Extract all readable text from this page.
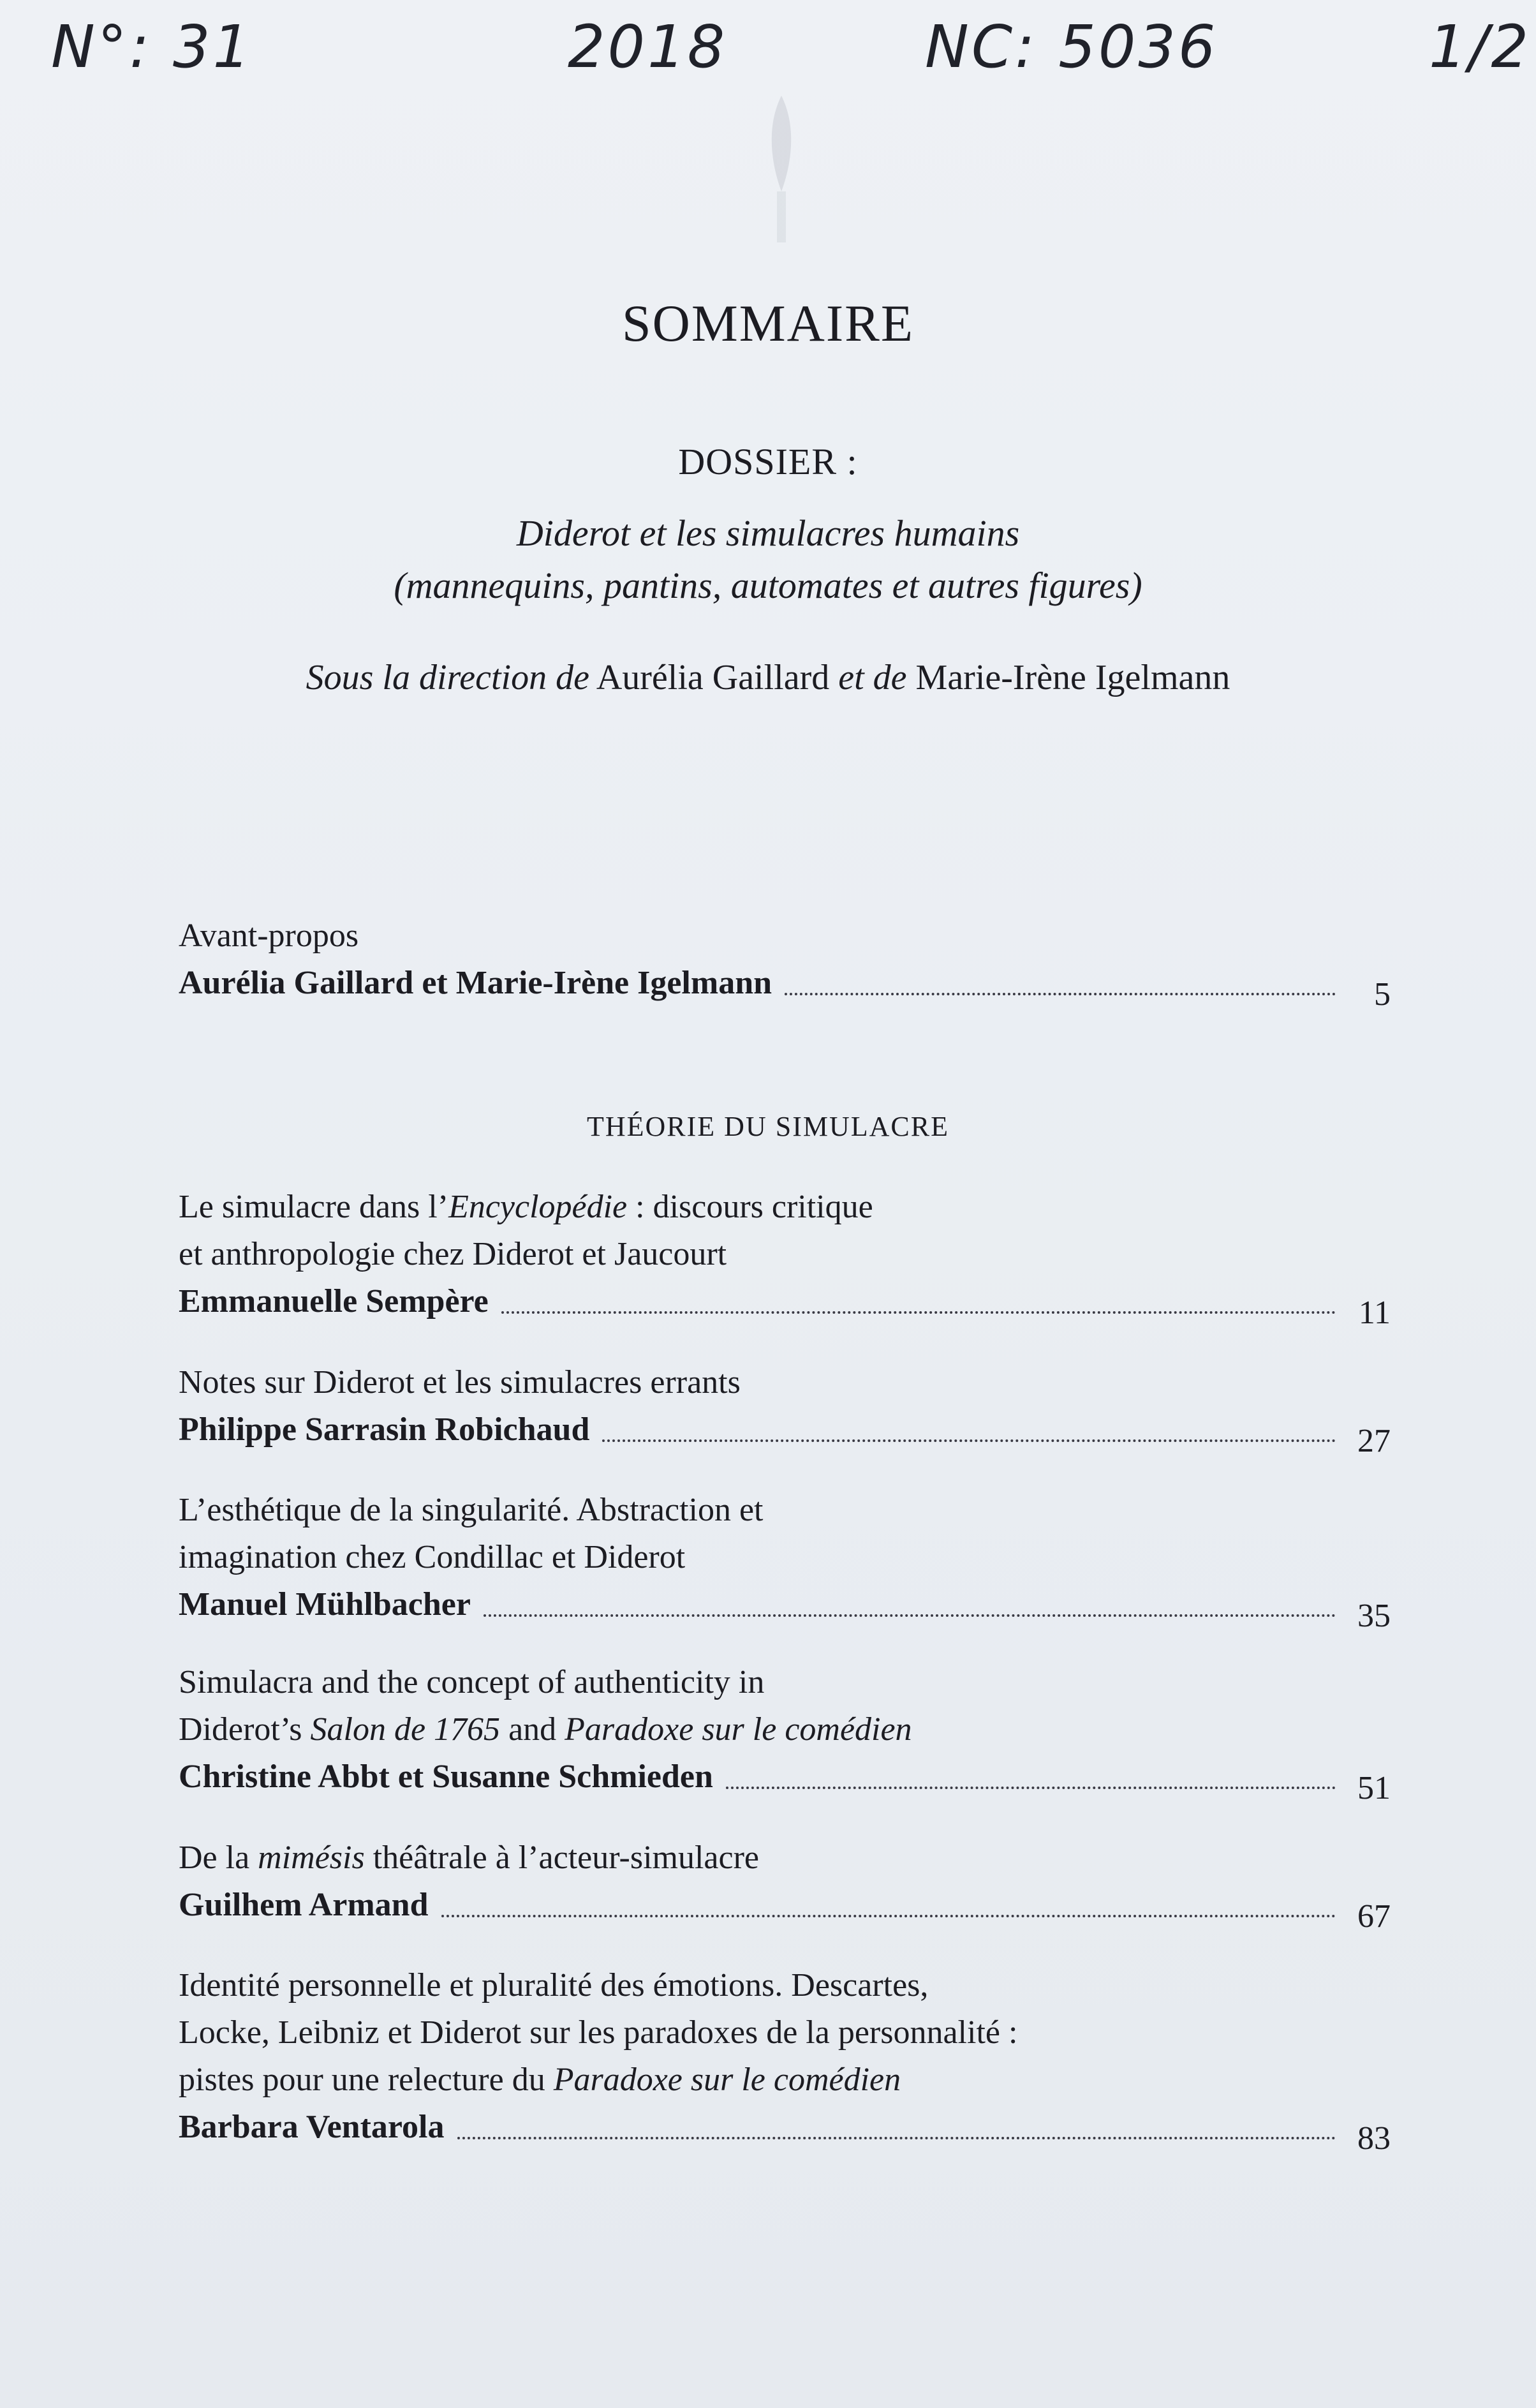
N°: 31	2018	NC: 5036	1/2
SOMMAIRE
DOSSIER :
Diderot et les simulacres humains
(mannequins, pantins, automates et autres figures)
Sous la direction de Aurélia Gaillard et de Marie-Irène Igelmann
Avant-propos
Aurélia Gaillard et Marie-Irène Igelmann	5
THÉORIE DU SIMULACRE
Le simulacre dans l’Encyclopédie : discours critique
et anthropologie chez Diderot et Jaucourt
Emmanuelle Sempère	11
Notes sur Diderot et les simulacres errants
Philippe Sarrasin Robichaud	27
L’esthétique de la singularité. Abstraction et
imagination chez Condillac et Diderot
Manuel Mühlbacher	35
Simulacra and the concept of authenticity in
Diderot’s Salon de 1765 and Paradoxe sur le comédien
Christine Abbt et Susanne Schmieden	51
De la mimésis théâtrale à l’acteur-simulacre
Guilhem Armand	67
Identité personnelle et pluralité des émotions. Descartes,
Locke, Leibniz et Diderot sur les paradoxes de la personnalité :
pistes pour une relecture du Paradoxe sur le comédien
Barbara Ventarola	83
